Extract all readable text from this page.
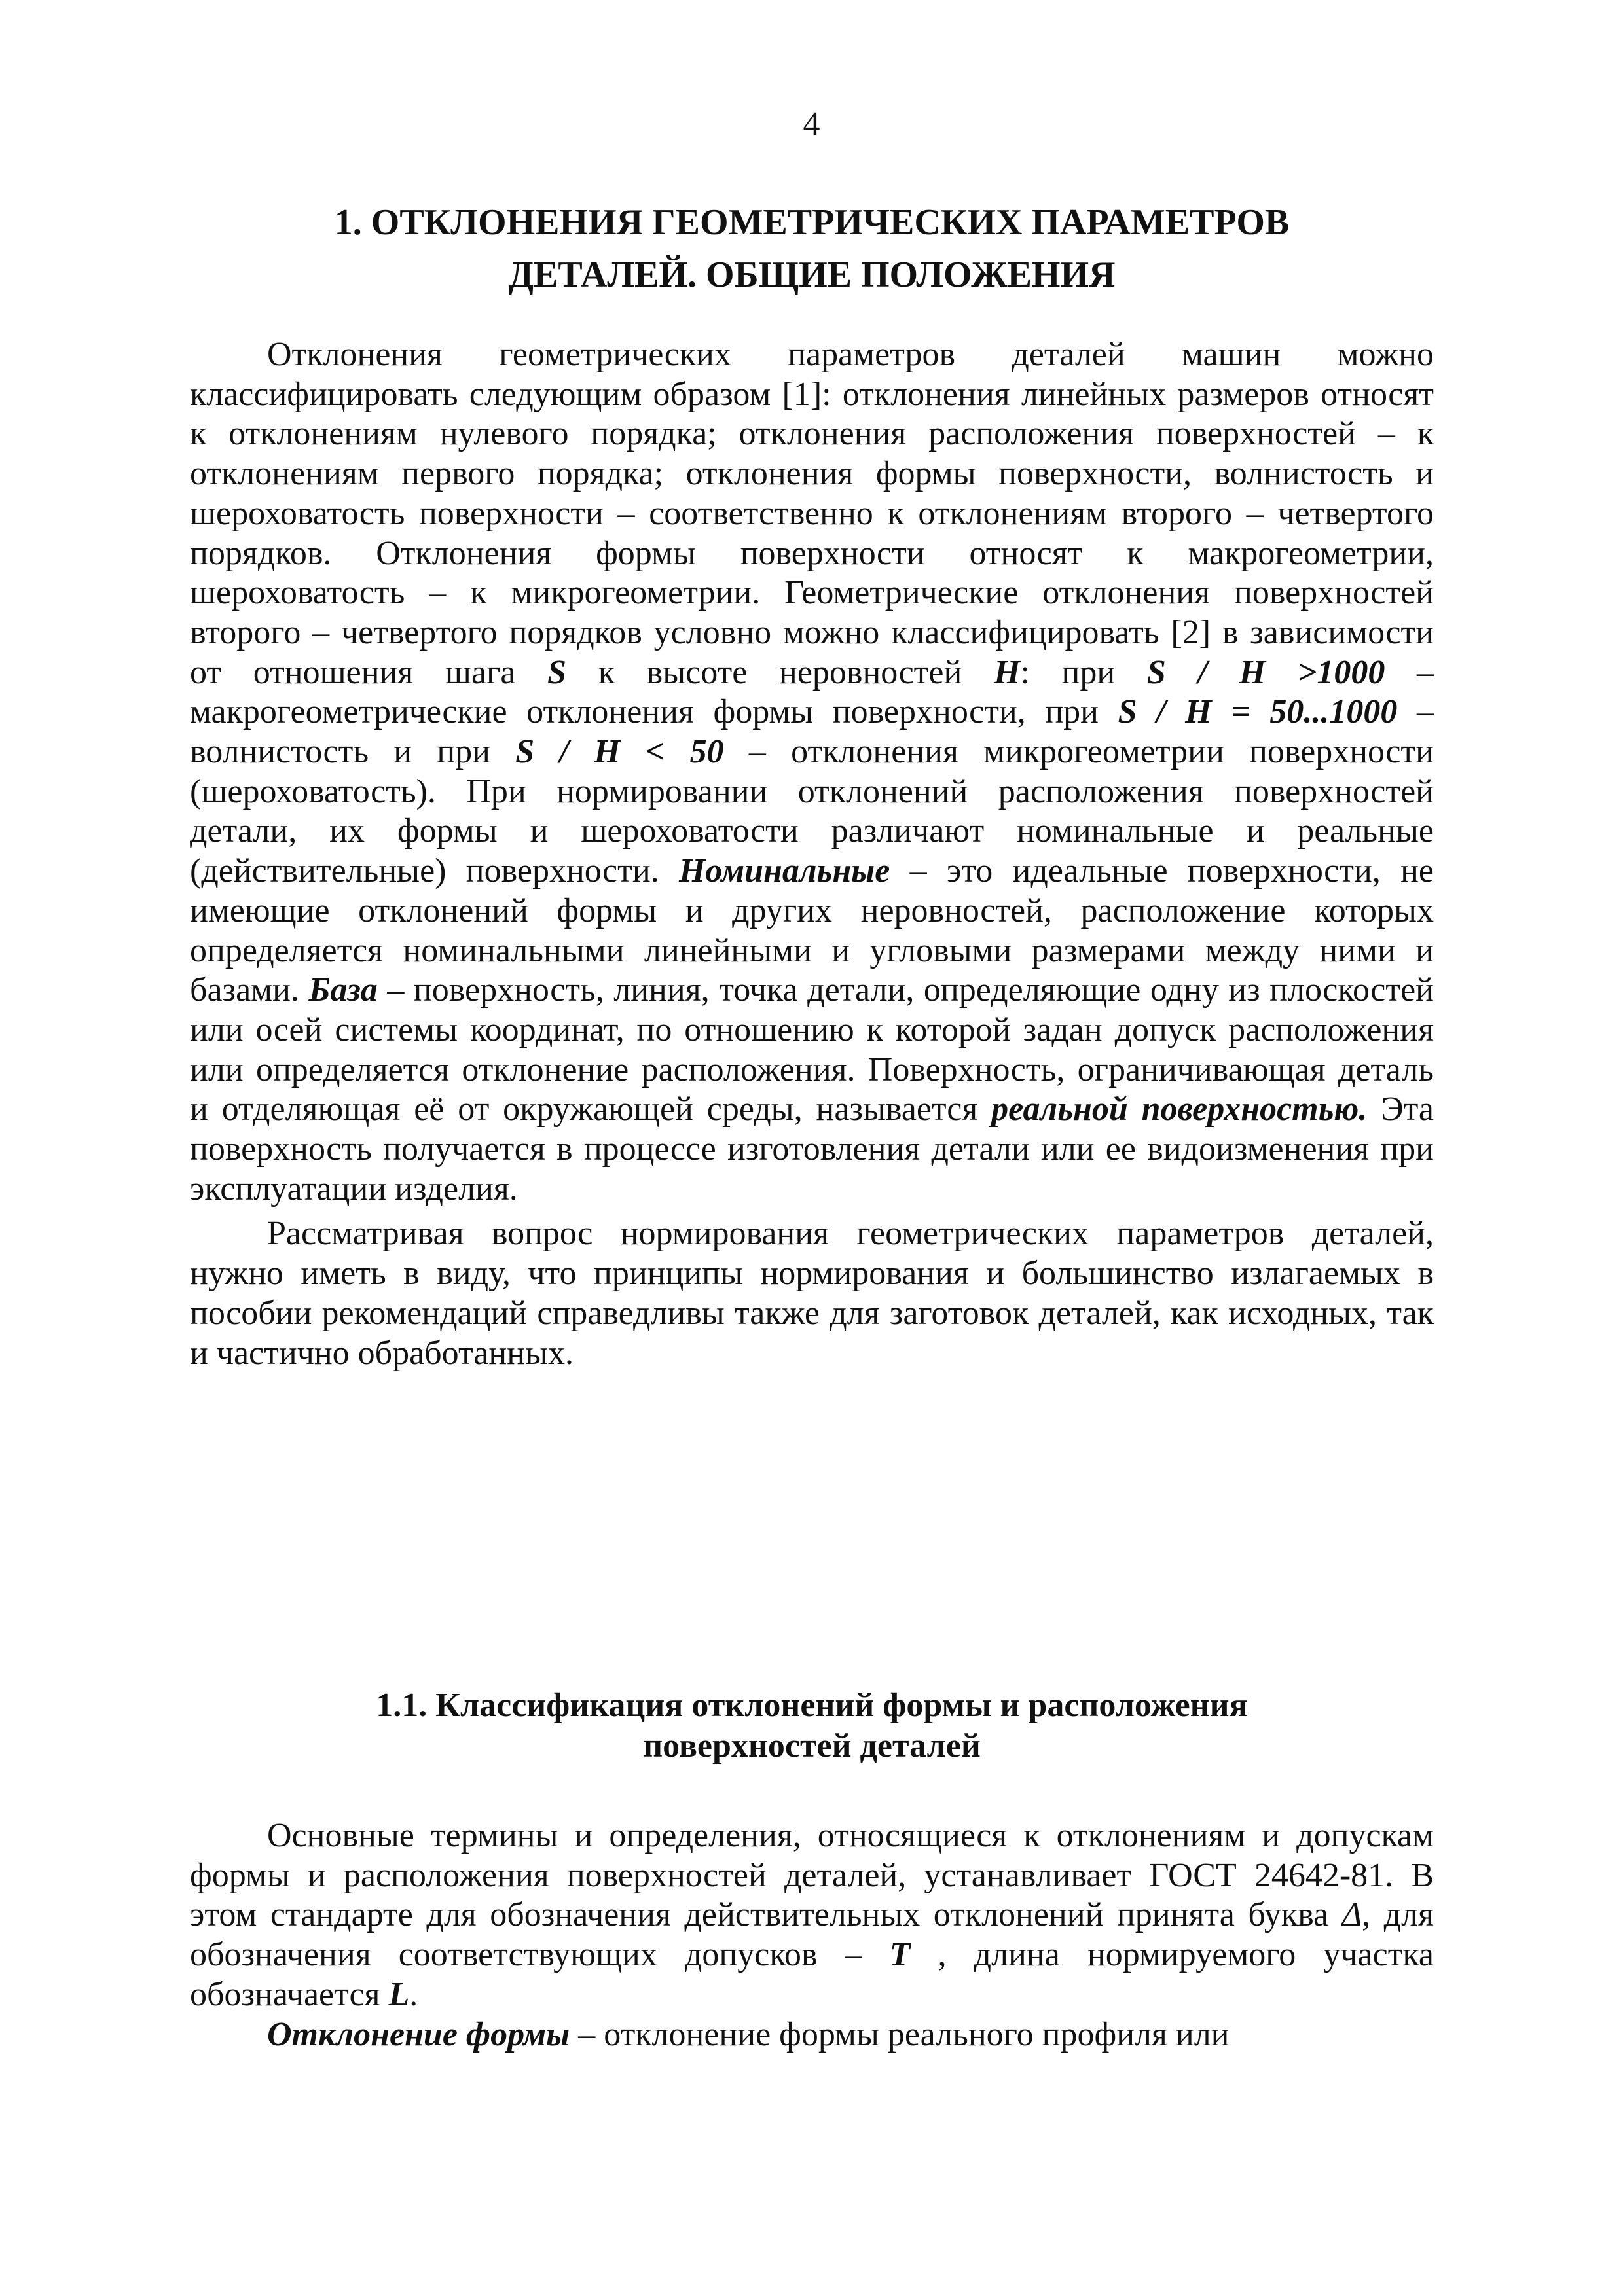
4
1. ОТКЛОНЕНИЯ ГЕОМЕТРИЧЕСКИХ ПАРАМЕТРОВ
ДЕТАЛЕЙ. ОБЩИЕ ПОЛОЖЕНИЯ

Отклонения геометрических параметров деталей машин можно классифицировать следующим образом [1]: отклонения линейных размеров относят к отклонениям нулевого порядка; отклонения расположения поверхностей – к отклонениям первого порядка; отклонения формы поверхности, волнистость и шероховатость поверхности – соответственно к отклонениям второго – четвертого порядков. Отклонения формы поверхности относят к макрогеометрии, шероховатость – к микрогеометрии. Геометрические отклонения поверхностей второго – четвертого порядков условно можно классифицировать [2] в зависимости от отношения шага S к высоте неровностей H: при S / H >1000 – макрогеометрические отклонения формы поверхности, при S / H = 50...1000 – волнистость и при S / H < 50 – отклонения микрогеометрии поверхности (шероховатость). При нормировании отклонений расположения поверхностей детали, их формы и шероховатости различают номинальные и реальные (действительные) поверхности. Номинальные – это идеальные поверхности, не имеющие отклонений формы и других неровностей, расположение которых определяется номинальными линейными и угловыми размерами между ними и базами. База – поверхность, линия, точка детали, определяющие одну из плоскостей или осей системы координат, по отношению к которой задан допуск расположения или определяется отклонение расположения. Поверхность, ограничивающая деталь и отделяющая её от окружающей среды, называется реальной поверхностью. Эта поверхность получается в процессе изготовления детали или ее видоизменения при эксплуатации изделия.

Рассматривая вопрос нормирования геометрических параметров деталей, нужно иметь в виду, что принципы нормирования и большинство излагаемых в пособии рекомендаций справедливы также для заготовок деталей, как исходных, так и частично обработанных.

1.1. Классификация отклонений формы и расположения
поверхностей деталей

Основные термины и определения, относящиеся к отклонениям и допускам формы и расположения поверхностей деталей, устанавливает ГОСТ 24642-81. В этом стандарте для обозначения действительных отклонений принята буква Δ, для обозначения соответствующих допусков – T , длина нормируемого участка обозначается L.

Отклонение формы – отклонение формы реального профиля или
